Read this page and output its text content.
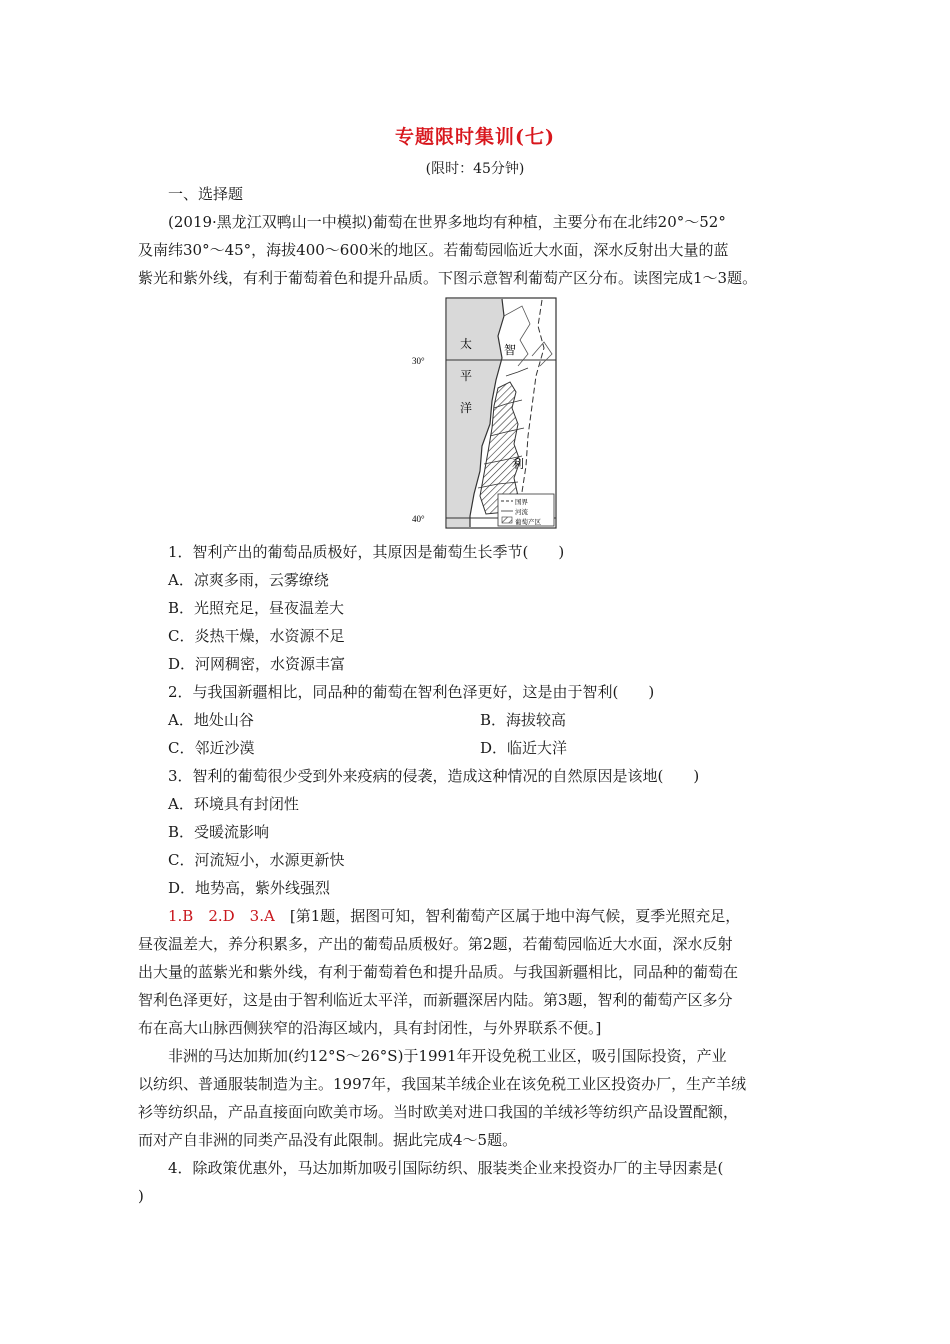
专题限时集训(七)
(限时：45分钟)
一、选择题
(2019·黑龙江双鸭山一中模拟)葡萄在世界多地均有种植，主要分布在北纬20°～52°
及南纬30°～45°，海拔400～600米的地区。若葡萄园临近大水面，深水反射出大量的蓝
紫光和紫外线，有利于葡萄着色和提升品质。下图示意智利葡萄产区分布。读图完成1～3题。
30°
40°
太
平
洋
智
利
国界
河流
葡萄产区
1．智利产出的葡萄品质极好，其原因是葡萄生长季节(　　)
A．凉爽多雨，云雾缭绕
B．光照充足，昼夜温差大
C．炎热干燥，水资源不足
D．河网稠密，水资源丰富
2．与我国新疆相比，同品种的葡萄在智利色泽更好，这是由于智利(　　)
A．地处山谷	B．海拔较高
C．邻近沙漠	D．临近大洋
3．智利的葡萄很少受到外来疫病的侵袭，造成这种情况的自然原因是该地(　　)
A．环境具有封闭性
B．受暖流影响
C．河流短小，水源更新快
D．地势高，紫外线强烈
1.B　2.D　3.A　 [第1题，据图可知，智利葡萄产区属于地中海气候，夏季光照充足，
昼夜温差大，养分积累多，产出的葡萄品质极好。第2题，若葡萄园临近大水面，深水反射
出大量的蓝紫光和紫外线，有利于葡萄着色和提升品质。与我国新疆相比，同品种的葡萄在
智利色泽更好，这是由于智利临近太平洋，而新疆深居内陆。第3题，智利的葡萄产区多分
布在高大山脉西侧狭窄的沿海区域内，具有封闭性，与外界联系不便。]
非洲的马达加斯加(约12°S～26°S)于1991年开设免税工业区，吸引国际投资，产业
以纺织、普通服装制造为主。1997年，我国某羊绒企业在该免税工业区投资办厂，生产羊绒
衫等纺织品，产品直接面向欧美市场。当时欧美对进口我国的羊绒衫等纺织产品设置配额，
而对产自非洲的同类产品没有此限制。据此完成4～5题。
4．除政策优惠外，马达加斯加吸引国际纺织、服装类企业来投资办厂的主导因素是(
)
